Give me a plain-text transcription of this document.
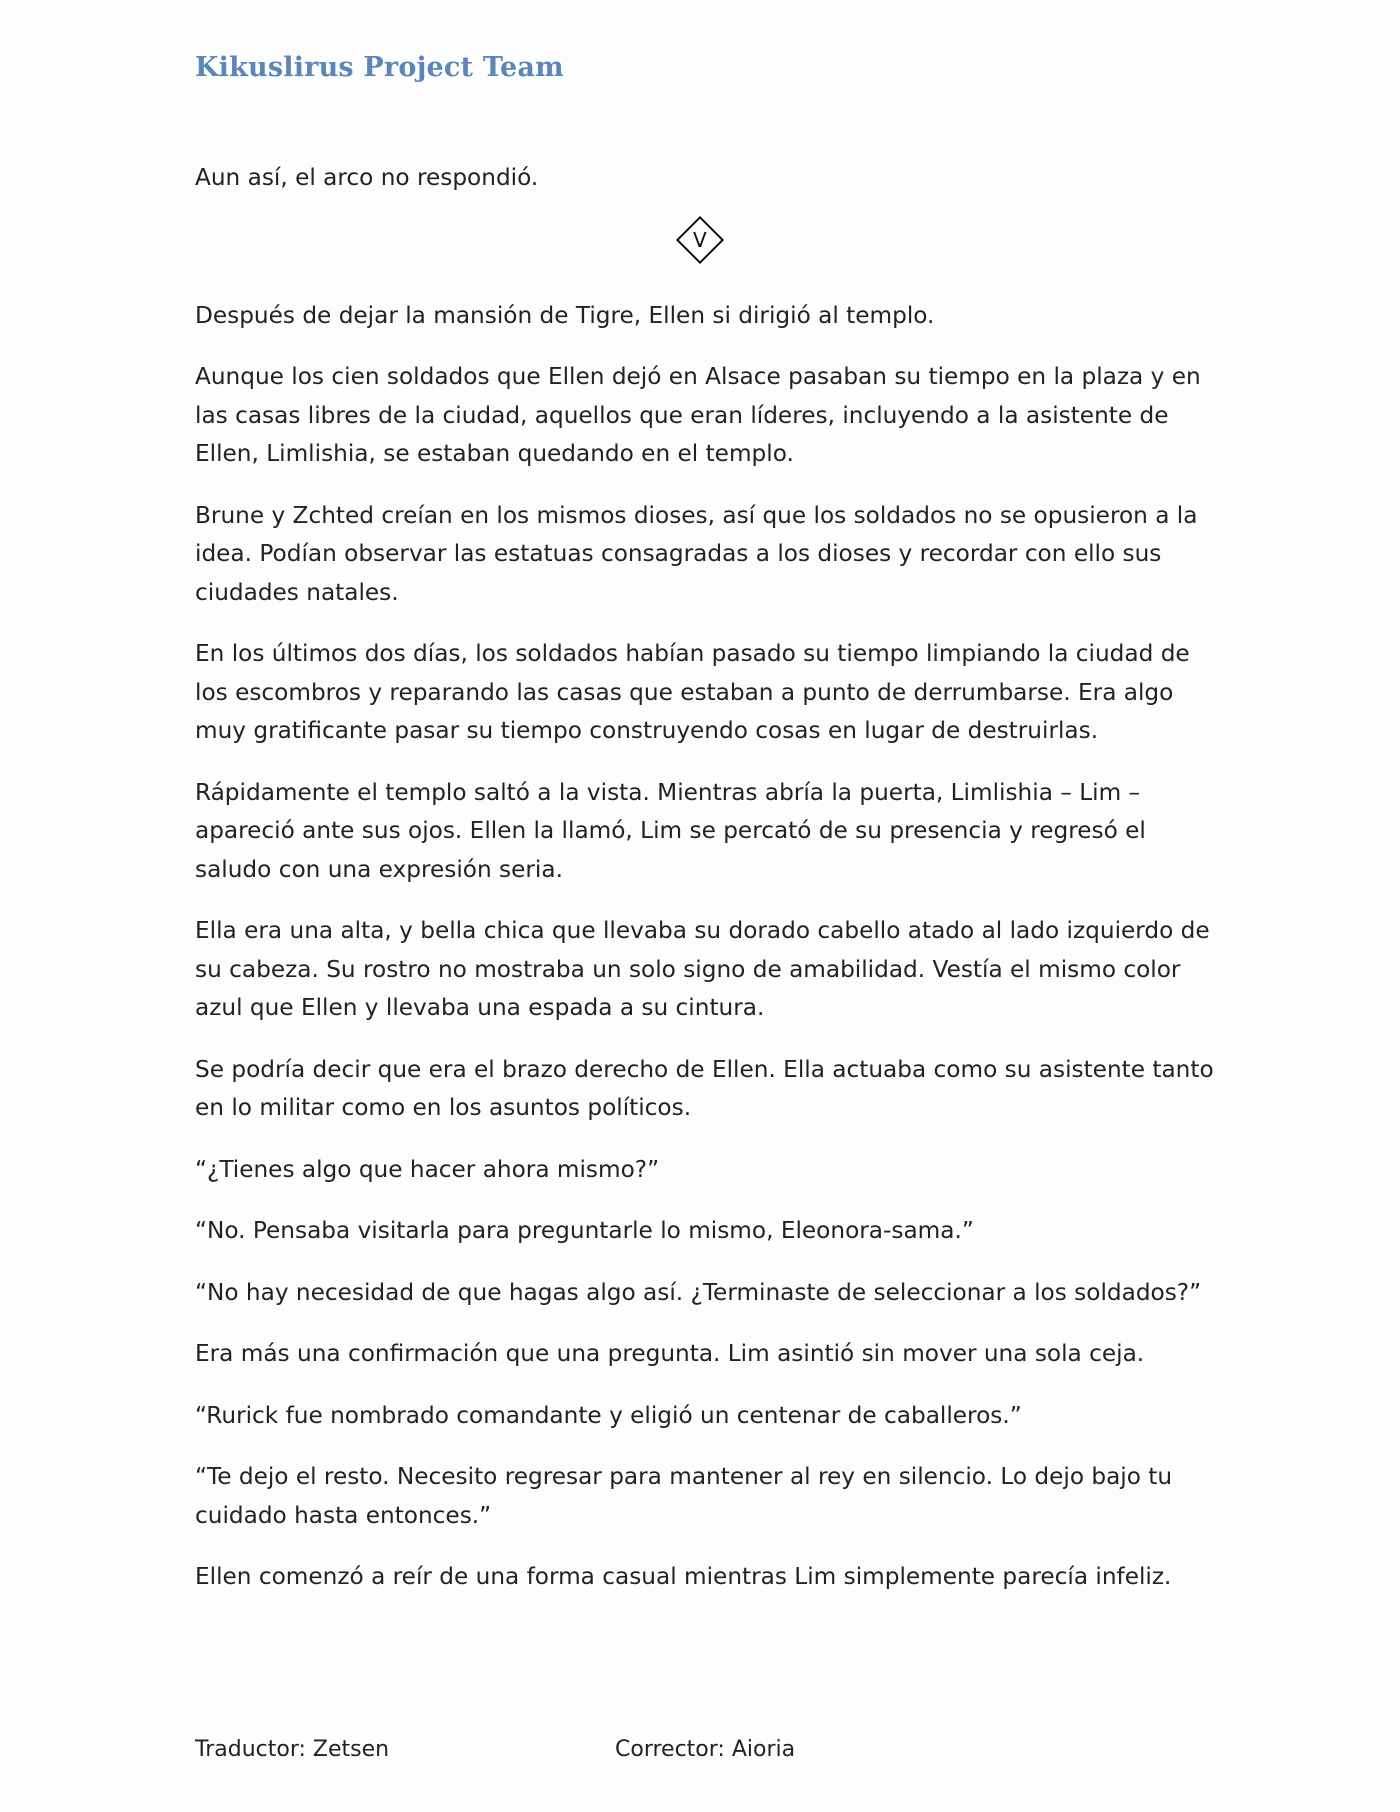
Kikuslirus Project Team

Aun así, el arco no respondió.

V

Después de dejar la mansión de Tigre, Ellen si dirigió al templo.

Aunque los cien soldados que Ellen dejó en Alsace pasaban su tiempo en la plaza y en las casas libres de la ciudad, aquellos que eran líderes, incluyendo a la asistente de Ellen, Limlishia, se estaban quedando en el templo.

Brune y Zchted creían en los mismos dioses, así que los soldados no se opusieron a la idea. Podían observar las estatuas consagradas a los dioses y recordar con ello sus ciudades natales.

En los últimos dos días, los soldados habían pasado su tiempo limpiando la ciudad de los escombros y reparando las casas que estaban a punto de derrumbarse. Era algo muy gratificante pasar su tiempo construyendo cosas en lugar de destruirlas.

Rápidamente el templo saltó a la vista. Mientras abría la puerta, Limlishia – Lim – apareció ante sus ojos. Ellen la llamó, Lim se percató de su presencia y regresó el saludo con una expresión seria.

Ella era una alta, y bella chica que llevaba su dorado cabello atado al lado izquierdo de su cabeza. Su rostro no mostraba un solo signo de amabilidad. Vestía el mismo color azul que Ellen y llevaba una espada a su cintura.

Se podría decir que era el brazo derecho de Ellen. Ella actuaba como su asistente tanto en lo militar como en los asuntos políticos.

“¿Tienes algo que hacer ahora mismo?”

“No. Pensaba visitarla para preguntarle lo mismo, Eleonora-sama.”

“No hay necesidad de que hagas algo así. ¿Terminaste de seleccionar a los soldados?”

Era más una confirmación que una pregunta. Lim asintió sin mover una sola ceja.

“Rurick fue nombrado comandante y eligió un centenar de caballeros.”

“Te dejo el resto. Necesito regresar para mantener al rey en silencio. Lo dejo bajo tu cuidado hasta entonces.”

Ellen comenzó a reír de una forma casual mientras Lim simplemente parecía infeliz.

Traductor: Zetsen	Corrector: Aioria
